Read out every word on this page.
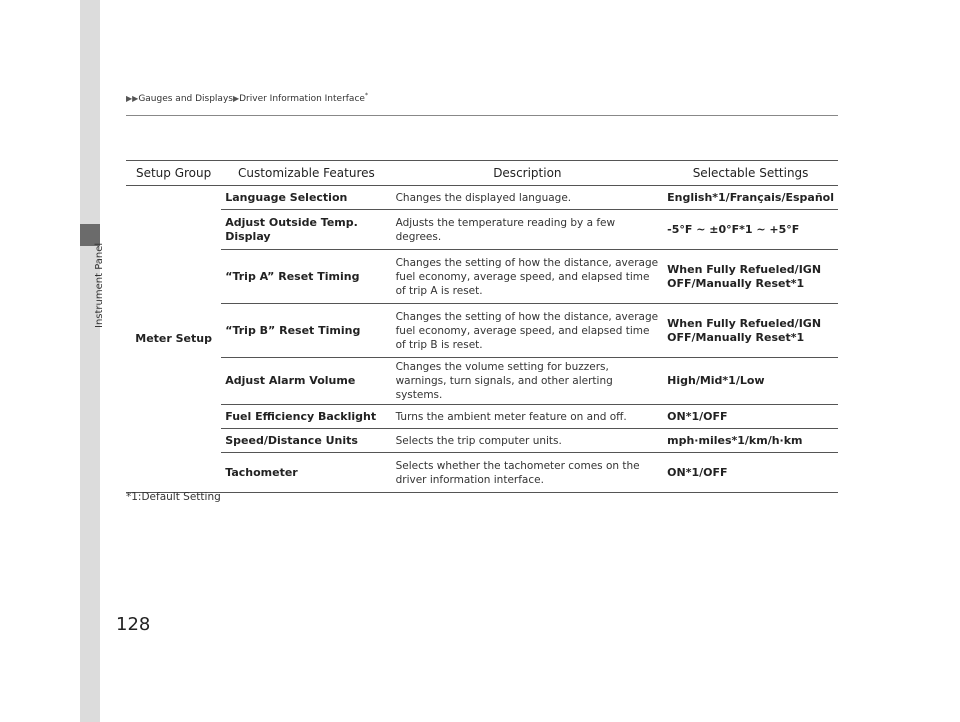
Instrument Panel
▶▶Gauges and Displays▶Driver Information Interface*
Setup Group	Customizable Features	Description	Selectable Settings
Meter Setup	Language Selection	Changes the displayed language.	English*1/Français/Español
	Adjust Outside Temp. Display	Adjusts the temperature reading by a few degrees.	-5°F ~ ±0°F*1 ~ +5°F
	“Trip A” Reset Timing	Changes the setting of how the distance, average fuel economy, average speed, and elapsed time of trip A is reset.	When Fully Refueled/IGN OFF/Manually Reset*1
	“Trip B” Reset Timing	Changes the setting of how the distance, average fuel economy, average speed, and elapsed time of trip B is reset.	When Fully Refueled/IGN OFF/Manually Reset*1
	Adjust Alarm Volume	Changes the volume setting for buzzers, warnings, turn signals, and other alerting systems.	High/Mid*1/Low
	Fuel Efficiency Backlight	Turns the ambient meter feature on and off.	ON*1/OFF
	Speed/Distance Units	Selects the trip computer units.	mph·miles*1/km/h·km
	Tachometer	Selects whether the tachometer comes on the driver information interface.	ON*1/OFF
*1:Default Setting
128
